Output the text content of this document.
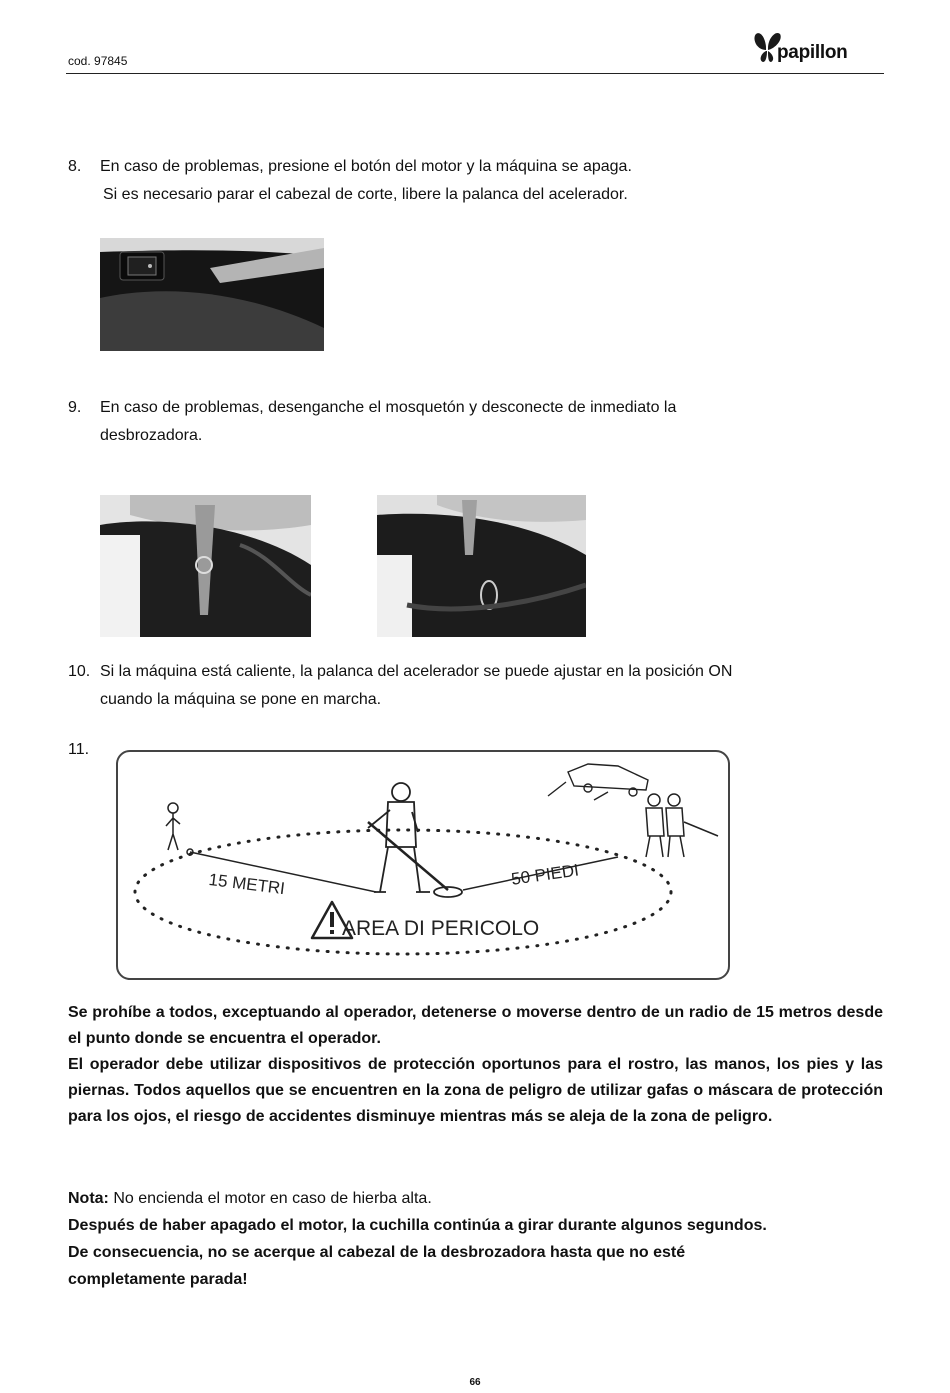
cod. 97845	papillon
8. En caso de problemas, presione el botón del motor y la máquina se apaga.
Si es necesario parar el cabezal de corte, libere la palanca del acelerador.
9. En caso de problemas, desenganche el mosquetón y desconecte de inmediato la
desbrozadora.
10. Si la máquina está caliente, la palanca del acelerador se puede ajustar en la posición ON
cuando la máquina se pone en marcha.
11.
15 METRI	50 PIEDI
AREA DI PERICOLO
Se prohíbe a todos, exceptuando al operador, detenerse o moverse dentro de un radio de 15 metros desde el punto donde se encuentra el operador.
El operador debe utilizar dispositivos de protección oportunos para el rostro, las manos, los pies y las piernas. Todos aquellos que se encuentren en la zona de peligro de utilizar gafas o máscara de protección para los ojos, el riesgo de accidentes disminuye mientras más se aleja de la zona de peligro.
Nota: No encienda el motor en caso de hierba alta.
Después de haber apagado el motor, la cuchilla continúa a girar durante algunos segundos.
De consecuencia, no se acerque al cabezal de la desbrozadora hasta que no esté
completamente parada!
66
